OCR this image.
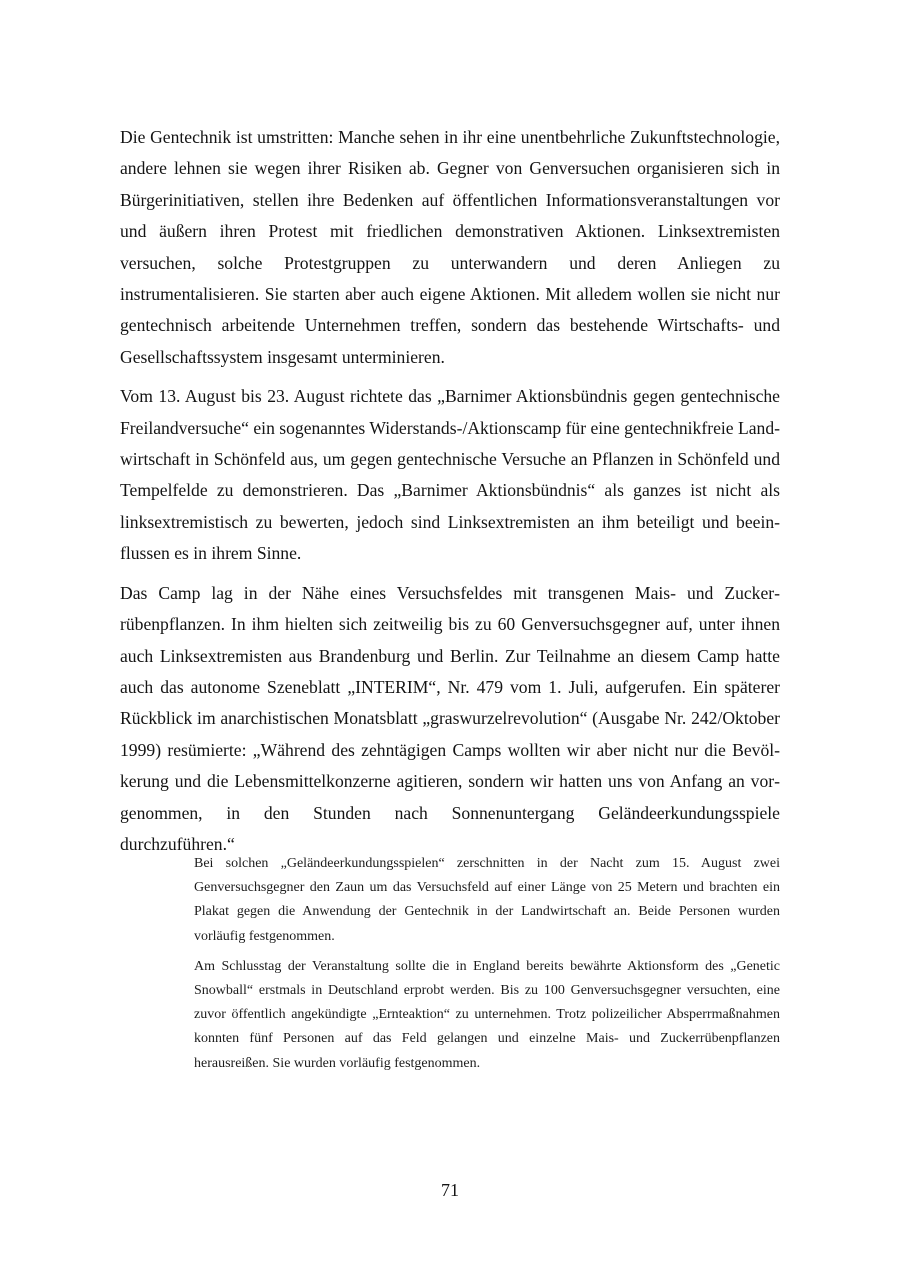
Die Gentechnik ist umstritten: Manche sehen in ihr eine unentbehrliche Zukunftstechnologie, andere lehnen sie wegen ihrer Risiken ab. Gegner von Genversuchen organisieren sich in Bürgerinitiativen, stellen ihre Bedenken auf öffentlichen Informationsveranstaltungen vor und äußern ihren Protest mit friedlichen demonstrativen Aktionen. Linksextremisten versuchen, solche Protestgruppen zu unterwandern und deren Anliegen zu instrumentalisieren. Sie starten aber auch eigene Aktionen. Mit alledem wollen sie nicht nur gentechnisch arbeitende Unternehmen treffen, sondern das bestehende Wirtschafts- und Gesellschaftssystem insgesamt unterminieren.

Vom 13. August bis 23. August richtete das „Barnimer Aktionsbündnis gegen gentechnische Freilandversuche“ ein sogenanntes Widerstands-/Aktionscamp für eine gentechnikfreie Landwirtschaft in Schönfeld aus, um gegen gentechnische Versuche an Pflanzen in Schönfeld und Tempelfelde zu demonstrieren. Das „Barnimer Aktionsbündnis“ als ganzes ist nicht als linksextremistisch zu bewerten, jedoch sind Linksextremisten an ihm beteiligt und beeinflussen es in ihrem Sinne.

Das Camp lag in der Nähe eines Versuchsfeldes mit transgenen Mais- und Zuckerrübenpflanzen. In ihm hielten sich zeitweilig bis zu 60 Genversuchsgegner auf, unter ihnen auch Linksextremisten aus Brandenburg und Berlin. Zur Teilnahme an diesem Camp hatte auch das autonome Szeneblatt „INTERIM“, Nr. 479 vom 1. Juli, aufgerufen. Ein späterer Rückblick im anarchistischen Monatsblatt „graswurzelrevolution“ (Ausgabe Nr. 242/Oktober 1999) resümierte: „Während des zehntägigen Camps wollten wir aber nicht nur die Bevölkerung und die Lebensmittelkonzerne agitieren, sondern wir hatten uns von Anfang an vorgenommen, in den Stunden nach Sonnenuntergang Geländeerkundungsspiele durchzuführen.“

Bei solchen „Geländeerkundungsspielen“ zerschnitten in der Nacht zum 15. August zwei Genversuchsgegner den Zaun um das Versuchsfeld auf einer Länge von 25 Metern und brachten ein Plakat gegen die Anwendung der Gentechnik in der Landwirtschaft an. Beide Personen wurden vorläufig festgenommen.

Am Schlusstag der Veranstaltung sollte die in England bereits bewährte Aktionsform des „Genetic Snowball“ erstmals in Deutschland erprobt werden. Bis zu 100 Genversuchsgegner versuchten, eine zuvor öffentlich angekündigte „Ernteaktion“ zu unternehmen. Trotz polizeilicher Absperrmaßnahmen konnten fünf Personen auf das Feld gelangen und einzelne Mais- und Zuckerrübenpflanzen herausreißen. Sie wurden vorläufig festgenommen.

71
